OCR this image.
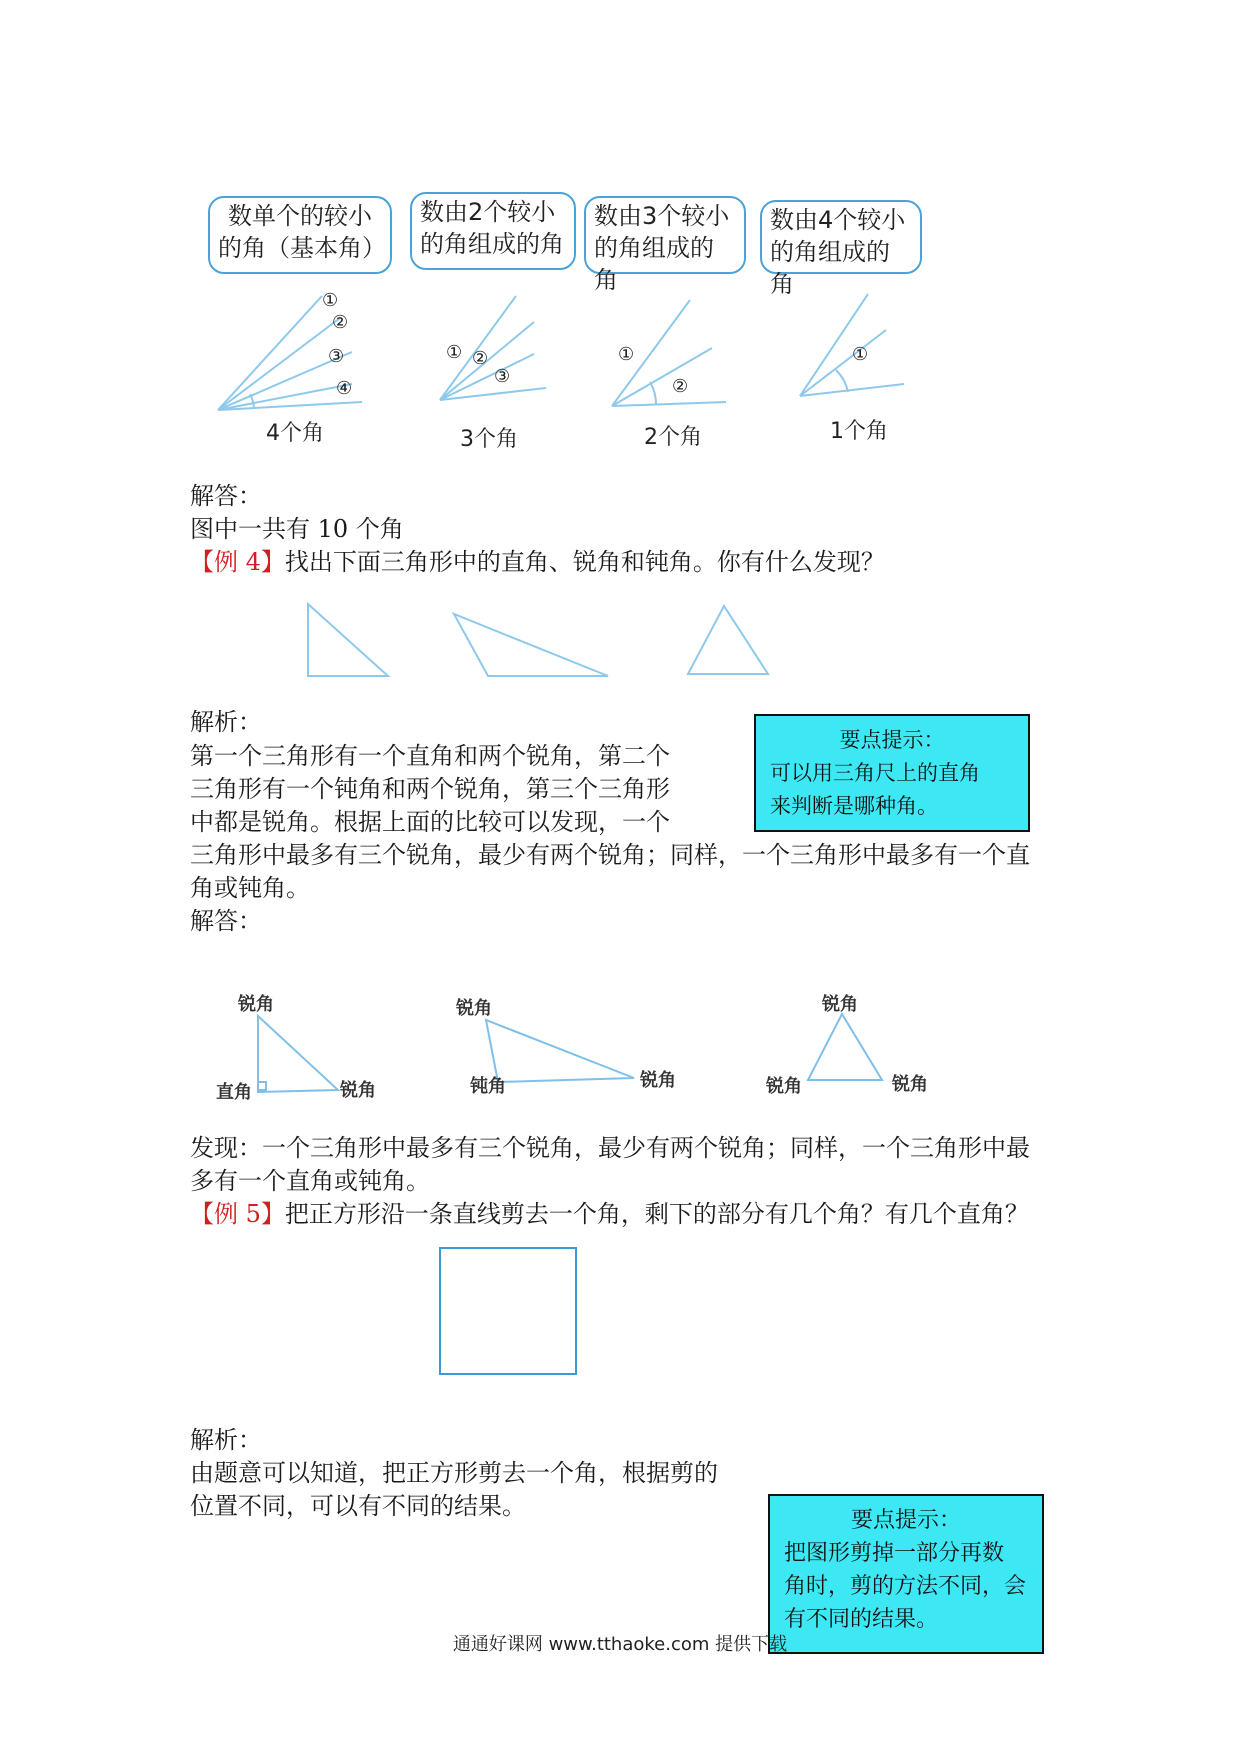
数单个的较小
的角（基本角）
数由2个较小
的角组成的角
数由3个较小
的角组成的角
数由4个较小
的角组成的角
①
②
③
④
① ②
③
①
②
①
4个角	3个角	2个角	1个角
解答：
图中一共有 10 个角
【例 4】找出下面三角形中的直角、锐角和钝角。你有什么发现？
解析：
第一个三角形有一个直角和两个锐角，第二个
三角形有一个钝角和两个锐角，第三个三角形
中都是锐角。根据上面的比较可以发现，一个
三角形中最多有三个锐角，最少有两个锐角；同样，一个三角形中最多有一个直
角或钝角。
要点提示：
可以用三角尺上的直角
来判断是哪种角。
解答：
锐角
直角	锐角
锐角
钝角	锐角
锐角
锐角	锐角
发现：一个三角形中最多有三个锐角，最少有两个锐角；同样，一个三角形中最
多有一个直角或钝角。
【例 5】把正方形沿一条直线剪去一个角，剩下的部分有几个角？有几个直角？
解析：
由题意可以知道，把正方形剪去一个角，根据剪的
位置不同，可以有不同的结果。
要点提示：
把图形剪掉一部分再数
角时，剪的方法不同，会
有不同的结果。
通通好课网 www.tthaoke.com 提供下载
